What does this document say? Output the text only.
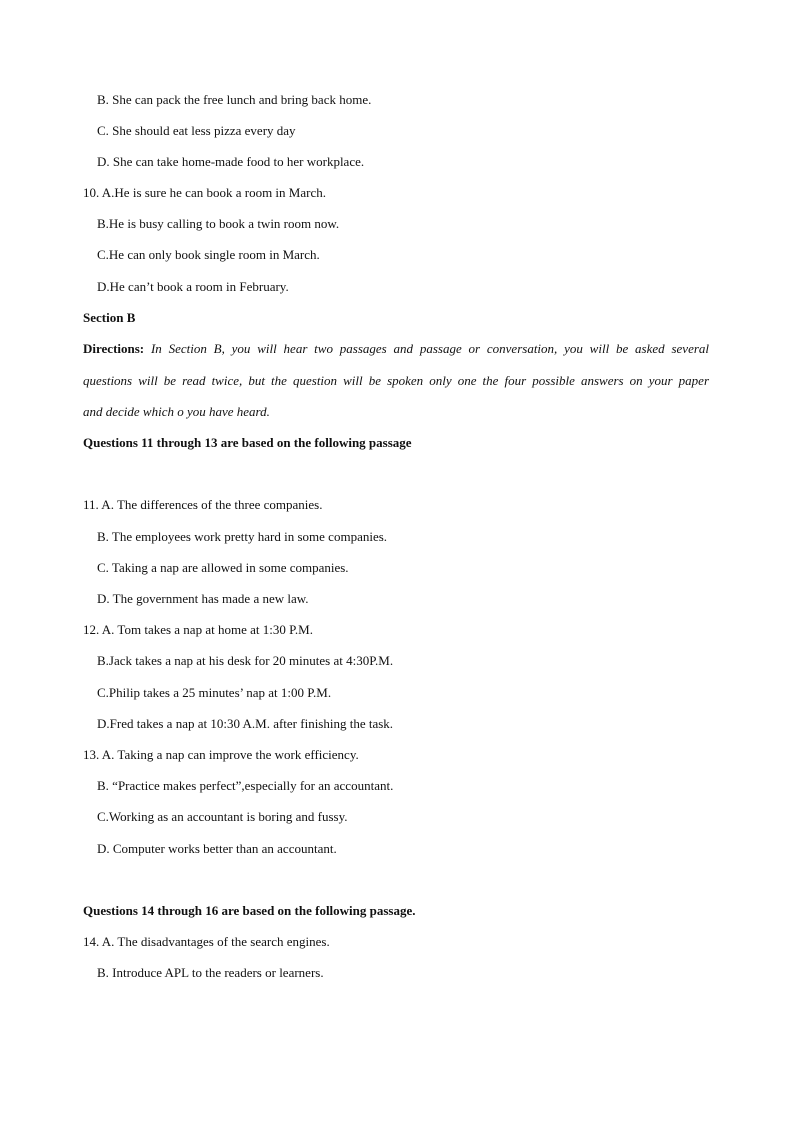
B. She can pack the free lunch and bring back home.
C. She should eat less pizza every day
D. She can take home-made food to her workplace.
10. A.He is sure he can book a room in March.
B.He is busy calling to book a twin room now.
C.He can only book single room in March.
D.He can’t book a room in February.
Section B
Directions: In Section B, you will hear two passages and passage or conversation, you will be asked several
questions will be read twice, but the question will be spoken only one the four possible answers on your paper
and decide which o you have heard.
Questions 11 through 13 are based on the following passage
11. A. The differences of the three companies.
B. The employees work pretty hard in some companies.
C. Taking a nap are allowed in some companies.
D. The government has made a new law.
12. A. Tom takes a nap at home at 1:30 P.M.
B.Jack takes a nap at his desk for 20 minutes at 4:30P.M.
C.Philip takes a 25 minutes’ nap at 1:00 P.M.
D.Fred takes a nap at 10:30 A.M. after finishing the task.
13. A. Taking a nap can improve the work efficiency.
B. “Practice makes perfect”,especially for an accountant.
C.Working as an accountant is boring and fussy.
D. Computer works better than an accountant.
Questions 14 through 16 are based on the following passage.
14. A. The disadvantages of the search engines.
B. Introduce APL to the readers or learners.
